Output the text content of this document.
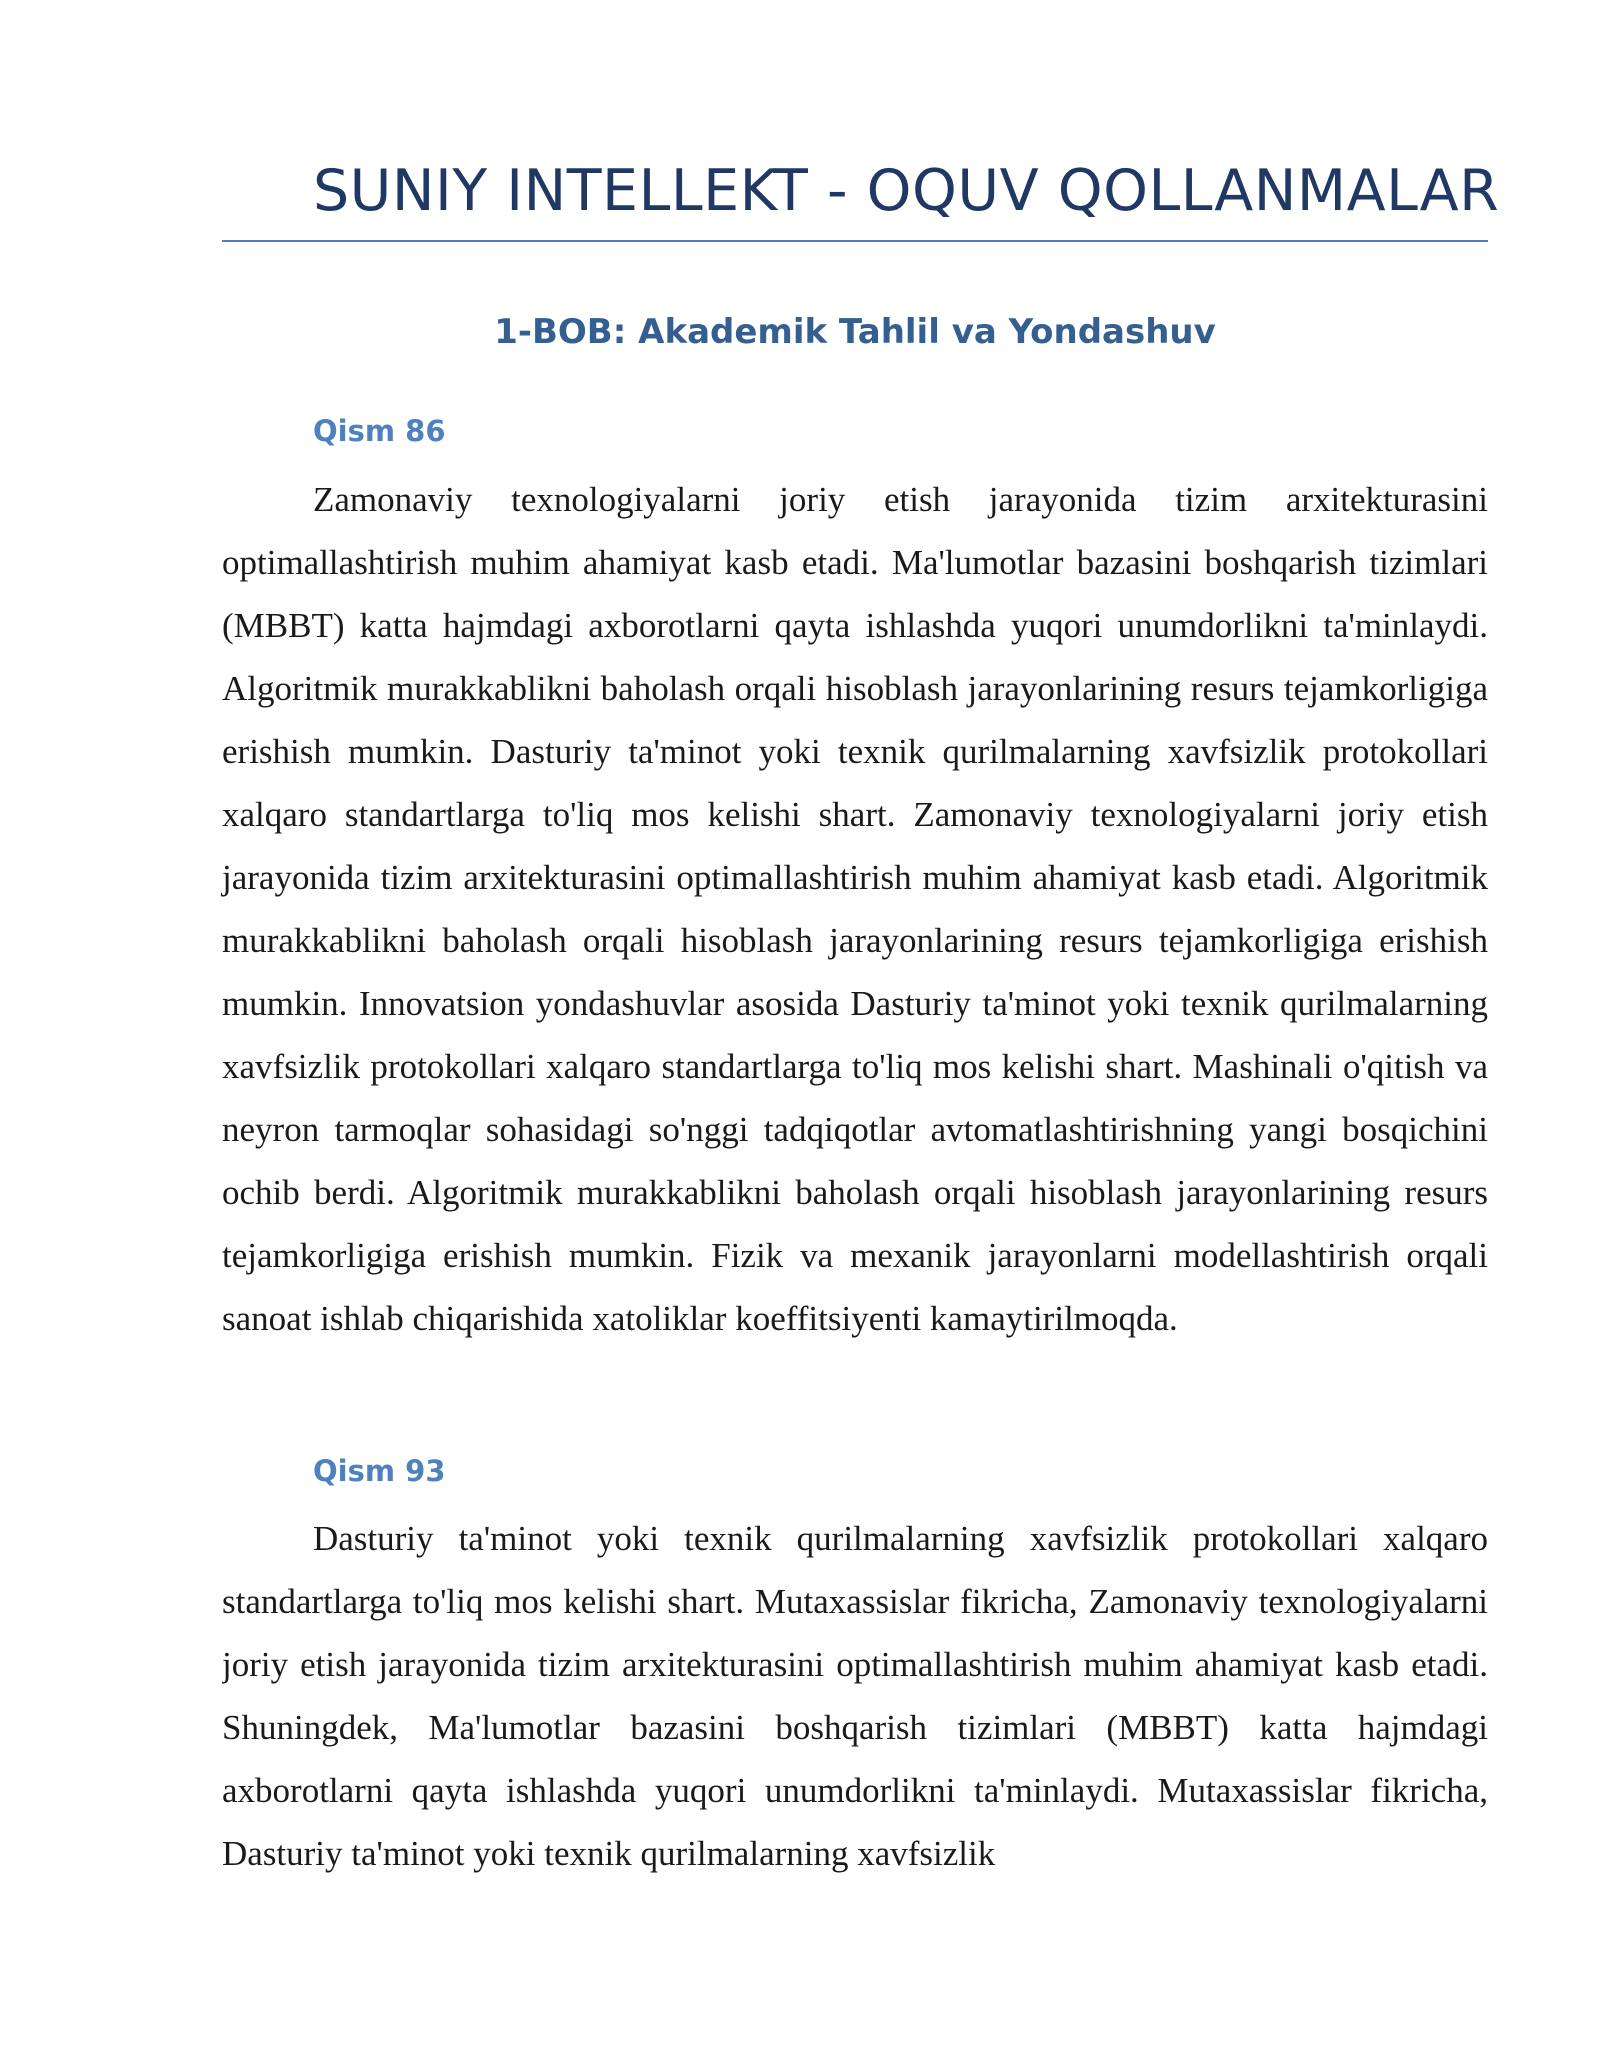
SUNIY INTELLEKT - OQUV QOLLANMALAR
1-BOB: Akademik Tahlil va Yondashuv
Qism 86

Zamonaviy texnologiyalarni joriy etish jarayonida tizim arxitekturasini optimallashtirish muhim ahamiyat kasb etadi. Ma'lumotlar bazasini boshqarish tizimlari (MBBT) katta hajmdagi axborotlarni qayta ishlashda yuqori unumdorlikni ta'minlaydi. Algoritmik murakkablikni baholash orqali hisoblash jarayonlarining resurs tejamkorligiga erishish mumkin. Dasturiy ta'minot yoki texnik qurilmalarning xavfsizlik protokollari xalqaro standartlarga to'liq mos kelishi shart. Zamonaviy texnologiyalarni joriy etish jarayonida tizim arxitekturasini optimallashtirish muhim ahamiyat kasb etadi. Algoritmik murakkablikni baholash orqali hisoblash jarayonlarining resurs tejamkorligiga erishish mumkin. Innovatsion yondashuvlar asosida Dasturiy ta'minot yoki texnik qurilmalarning xavfsizlik protokollari xalqaro standartlarga to'liq mos kelishi shart. Mashinali o'qitish va neyron tarmoqlar sohasidagi so'nggi tadqiqotlar avtomatlashtirishning yangi bosqichini ochib berdi. Algoritmik murakkablikni baholash orqali hisoblash jarayonlarining resurs tejamkorligiga erishish mumkin. Fizik va mexanik jarayonlarni modellashtirish orqali sanoat ishlab chiqarishida xatoliklar koeffitsiyenti kamaytirilmoqda.

Qism 93

Dasturiy ta'minot yoki texnik qurilmalarning xavfsizlik protokollari xalqaro standartlarga to'liq mos kelishi shart. Mutaxassislar fikricha, Zamonaviy texnologiyalarni joriy etish jarayonida tizim arxitekturasini optimallashtirish muhim ahamiyat kasb etadi. Shuningdek, Ma'lumotlar bazasini boshqarish tizimlari (MBBT) katta hajmdagi axborotlarni qayta ishlashda yuqori unumdorlikni ta'minlaydi. Mutaxassislar fikricha, Dasturiy ta'minot yoki texnik qurilmalarning xavfsizlik
